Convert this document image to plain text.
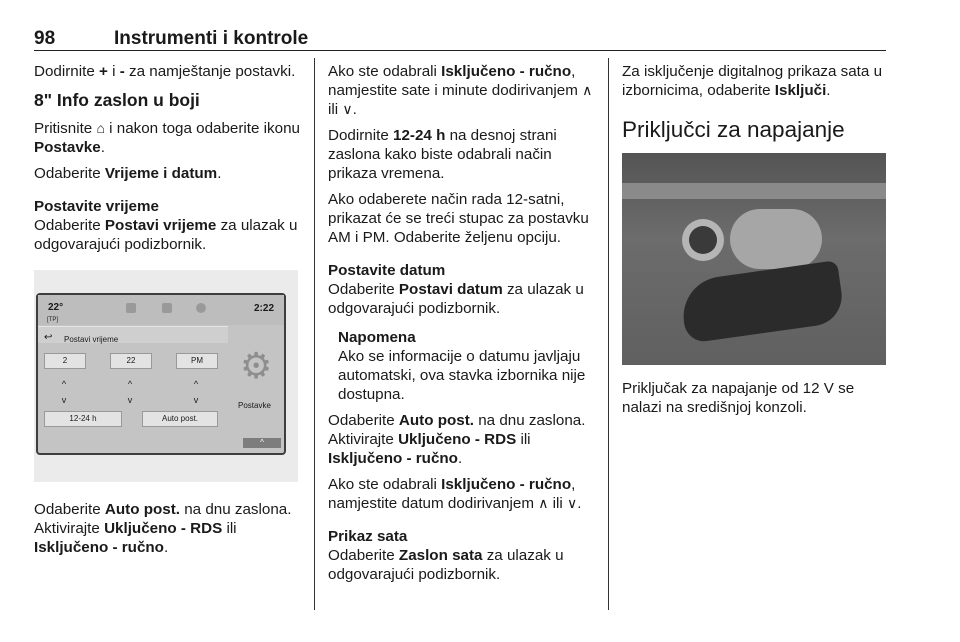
98	Instrumenti i kontrole

Dodirnite + i - za namještanje postavki.

8" Info zaslon u boji

Pritisnite ⌂ i nakon toga odaberite ikonu Postavke.

Odaberite Vrijeme i datum.

Postavite vrijeme

Odaberite Postavi vrijeme za ulazak u odgovarajući podizbornik.

22°
[TP]
2:22
↩ Postavi vrijeme
2	22	PM
^	^	^
v	v	v
12-24 h	Auto post.
⚙
Postavke
^

Odaberite Auto post. na dnu zaslona. Aktivirajte Uključeno - RDS ili Isključeno - ručno.

Ako ste odabrali Isključeno - ručno, namjestite sate i minute dodirivanjem ∧ ili ∨.

Dodirnite 12-24 h na desnoj strani zaslona kako biste odabrali način prikaza vremena.

Ako odaberete način rada 12-satni, prikazat će se treći stupac za postavku AM i PM. Odaberite željenu opciju.

Postavite datum

Odaberite Postavi datum za ulazak u odgovarajući podizbornik.

Napomena
Ako se informacije o datumu javljaju automatski, ova stavka izbornika nije dostupna.

Odaberite Auto post. na dnu zaslona. Aktivirajte Uključeno - RDS ili Isključeno - ručno.

Ako ste odabrali Isključeno - ručno, namjestite datum dodirivanjem ∧ ili ∨.

Prikaz sata

Odaberite Zaslon sata za ulazak u odgovarajući podizbornik.

Za isključenje digitalnog prikaza sata u izbornicima, odaberite Isključi.

Priključci za napajanje

Priključak za napajanje od 12 V se nalazi na središnjoj konzoli.
